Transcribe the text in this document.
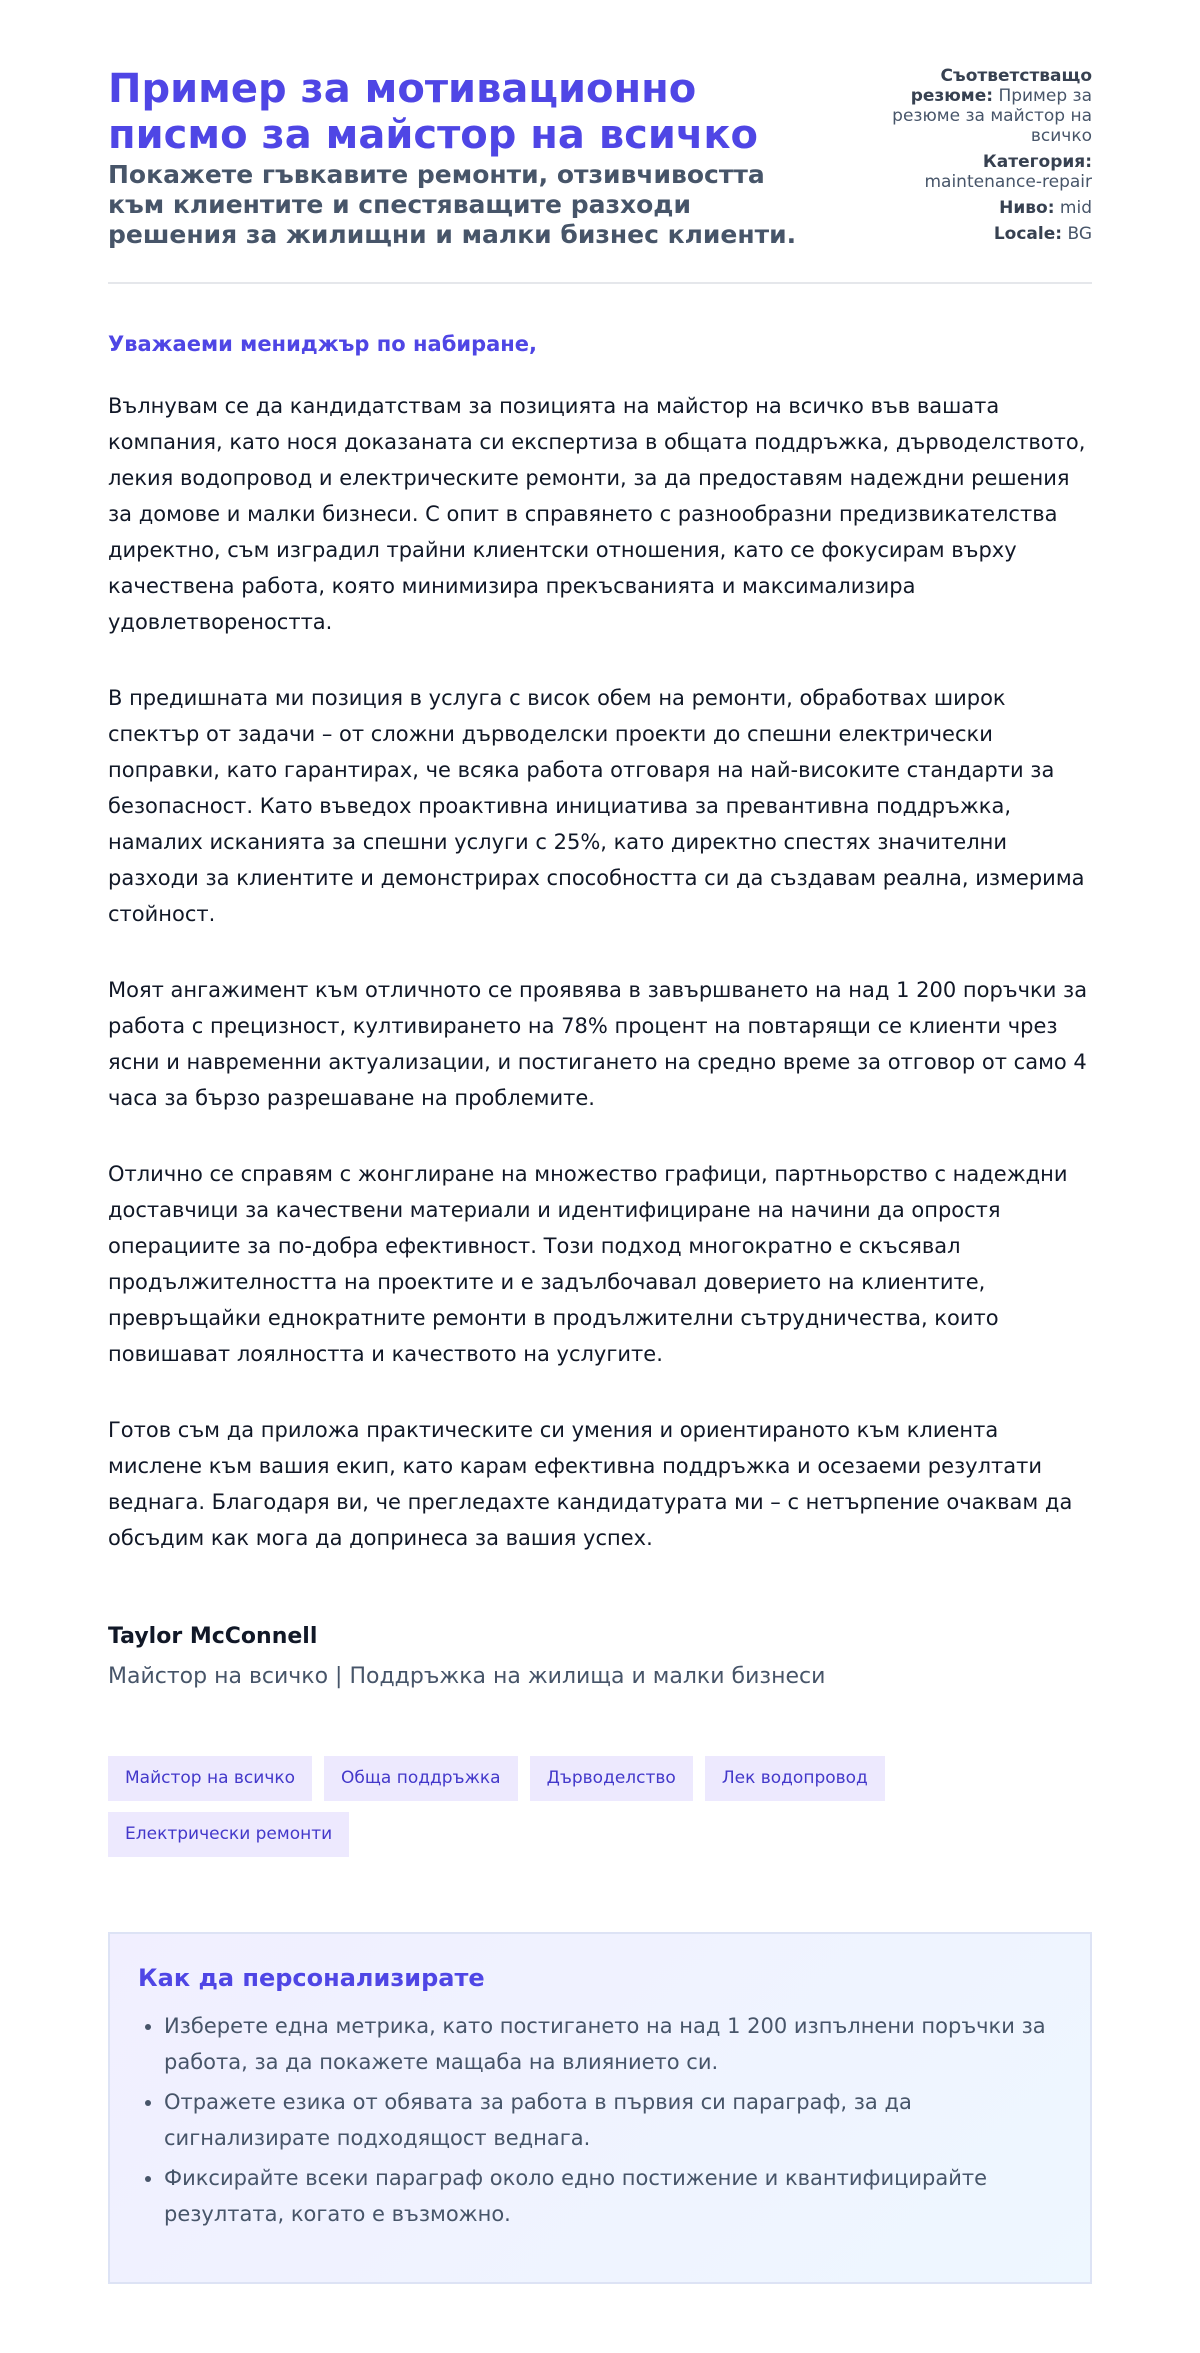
Пример за мотивационно писмо за майстор на всичко
Покажете гъвкавите ремонти, отзивчивостта към клиентите и спестяващите разходи решения за жилищни и малки бизнес клиенти.
Съответстващо резюме: Пример за резюме за майстор на всичко
Категория: maintenance-repair
Ниво: mid
Locale: BG
Уважаеми мениджър по набиране,

Вълнувам се да кандидатствам за позицията на майстор на всичко във вашата компания, като нося доказаната си експертиза в общата поддръжка, дърводелството, лекия водопровод и електрическите ремонти, за да предоставям надеждни решения за домове и малки бизнеси. С опит в справянето с разнообразни предизвикателства директно, съм изградил трайни клиентски отношения, като се фокусирам върху качествена работа, която минимизира прекъсванията и максимализира удовлетвореността.

В предишната ми позиция в услуга с висок обем на ремонти, обработвах широк спектър от задачи – от сложни дърводелски проекти до спешни електрически поправки, като гарантирах, че всяка работа отговаря на най-високите стандарти за безопасност. Като въведох проактивна инициатива за превантивна поддръжка, намалих исканията за спешни услуги с 25%, като директно спестях значителни разходи за клиентите и демонстрирах способността си да създавам реална, измерима стойност.

Моят ангажимент към отличното се проявява в завършването на над 1 200 поръчки за работа с прецизност, култивирането на 78% процент на повтарящи се клиенти чрез ясни и навременни актуализации, и постигането на средно време за отговор от само 4 часа за бързо разрешаване на проблемите.

Отлично се справям с жонглиране на множество графици, партньорство с надеждни доставчици за качествени материали и идентифициране на начини да опростя операциите за по-добра ефективност. Този подход многократно е скъсявал продължителността на проектите и е задълбочавал доверието на клиентите, превръщайки еднократните ремонти в продължителни сътрудничества, които повишават лоялността и качеството на услугите.

Готов съм да приложа практическите си умения и ориентираното към клиента мислене към вашия екип, като карам ефективна поддръжка и осезаеми резултати веднага. Благодаря ви, че прегледахте кандидатурата ми – с нетърпение очаквам да обсъдим как мога да допринеса за вашия успех.

Taylor McConnell
Майстор на всичко | Поддръжка на жилища и малки бизнеси
Майстор на всичко	Обща поддръжка	Дърводелство	Лек водопровод
Електрически ремонти
Как да персонализирате
• Изберете една метрика, като постигането на над 1 200 изпълнени поръчки за работа, за да покажете мащаба на влиянието си.
• Отражете езика от обявата за работа в първия си параграф, за да сигнализирате подходящост веднага.
• Фиксирайте всеки параграф около едно постижение и квантифицирайте резултата, когато е възможно.
